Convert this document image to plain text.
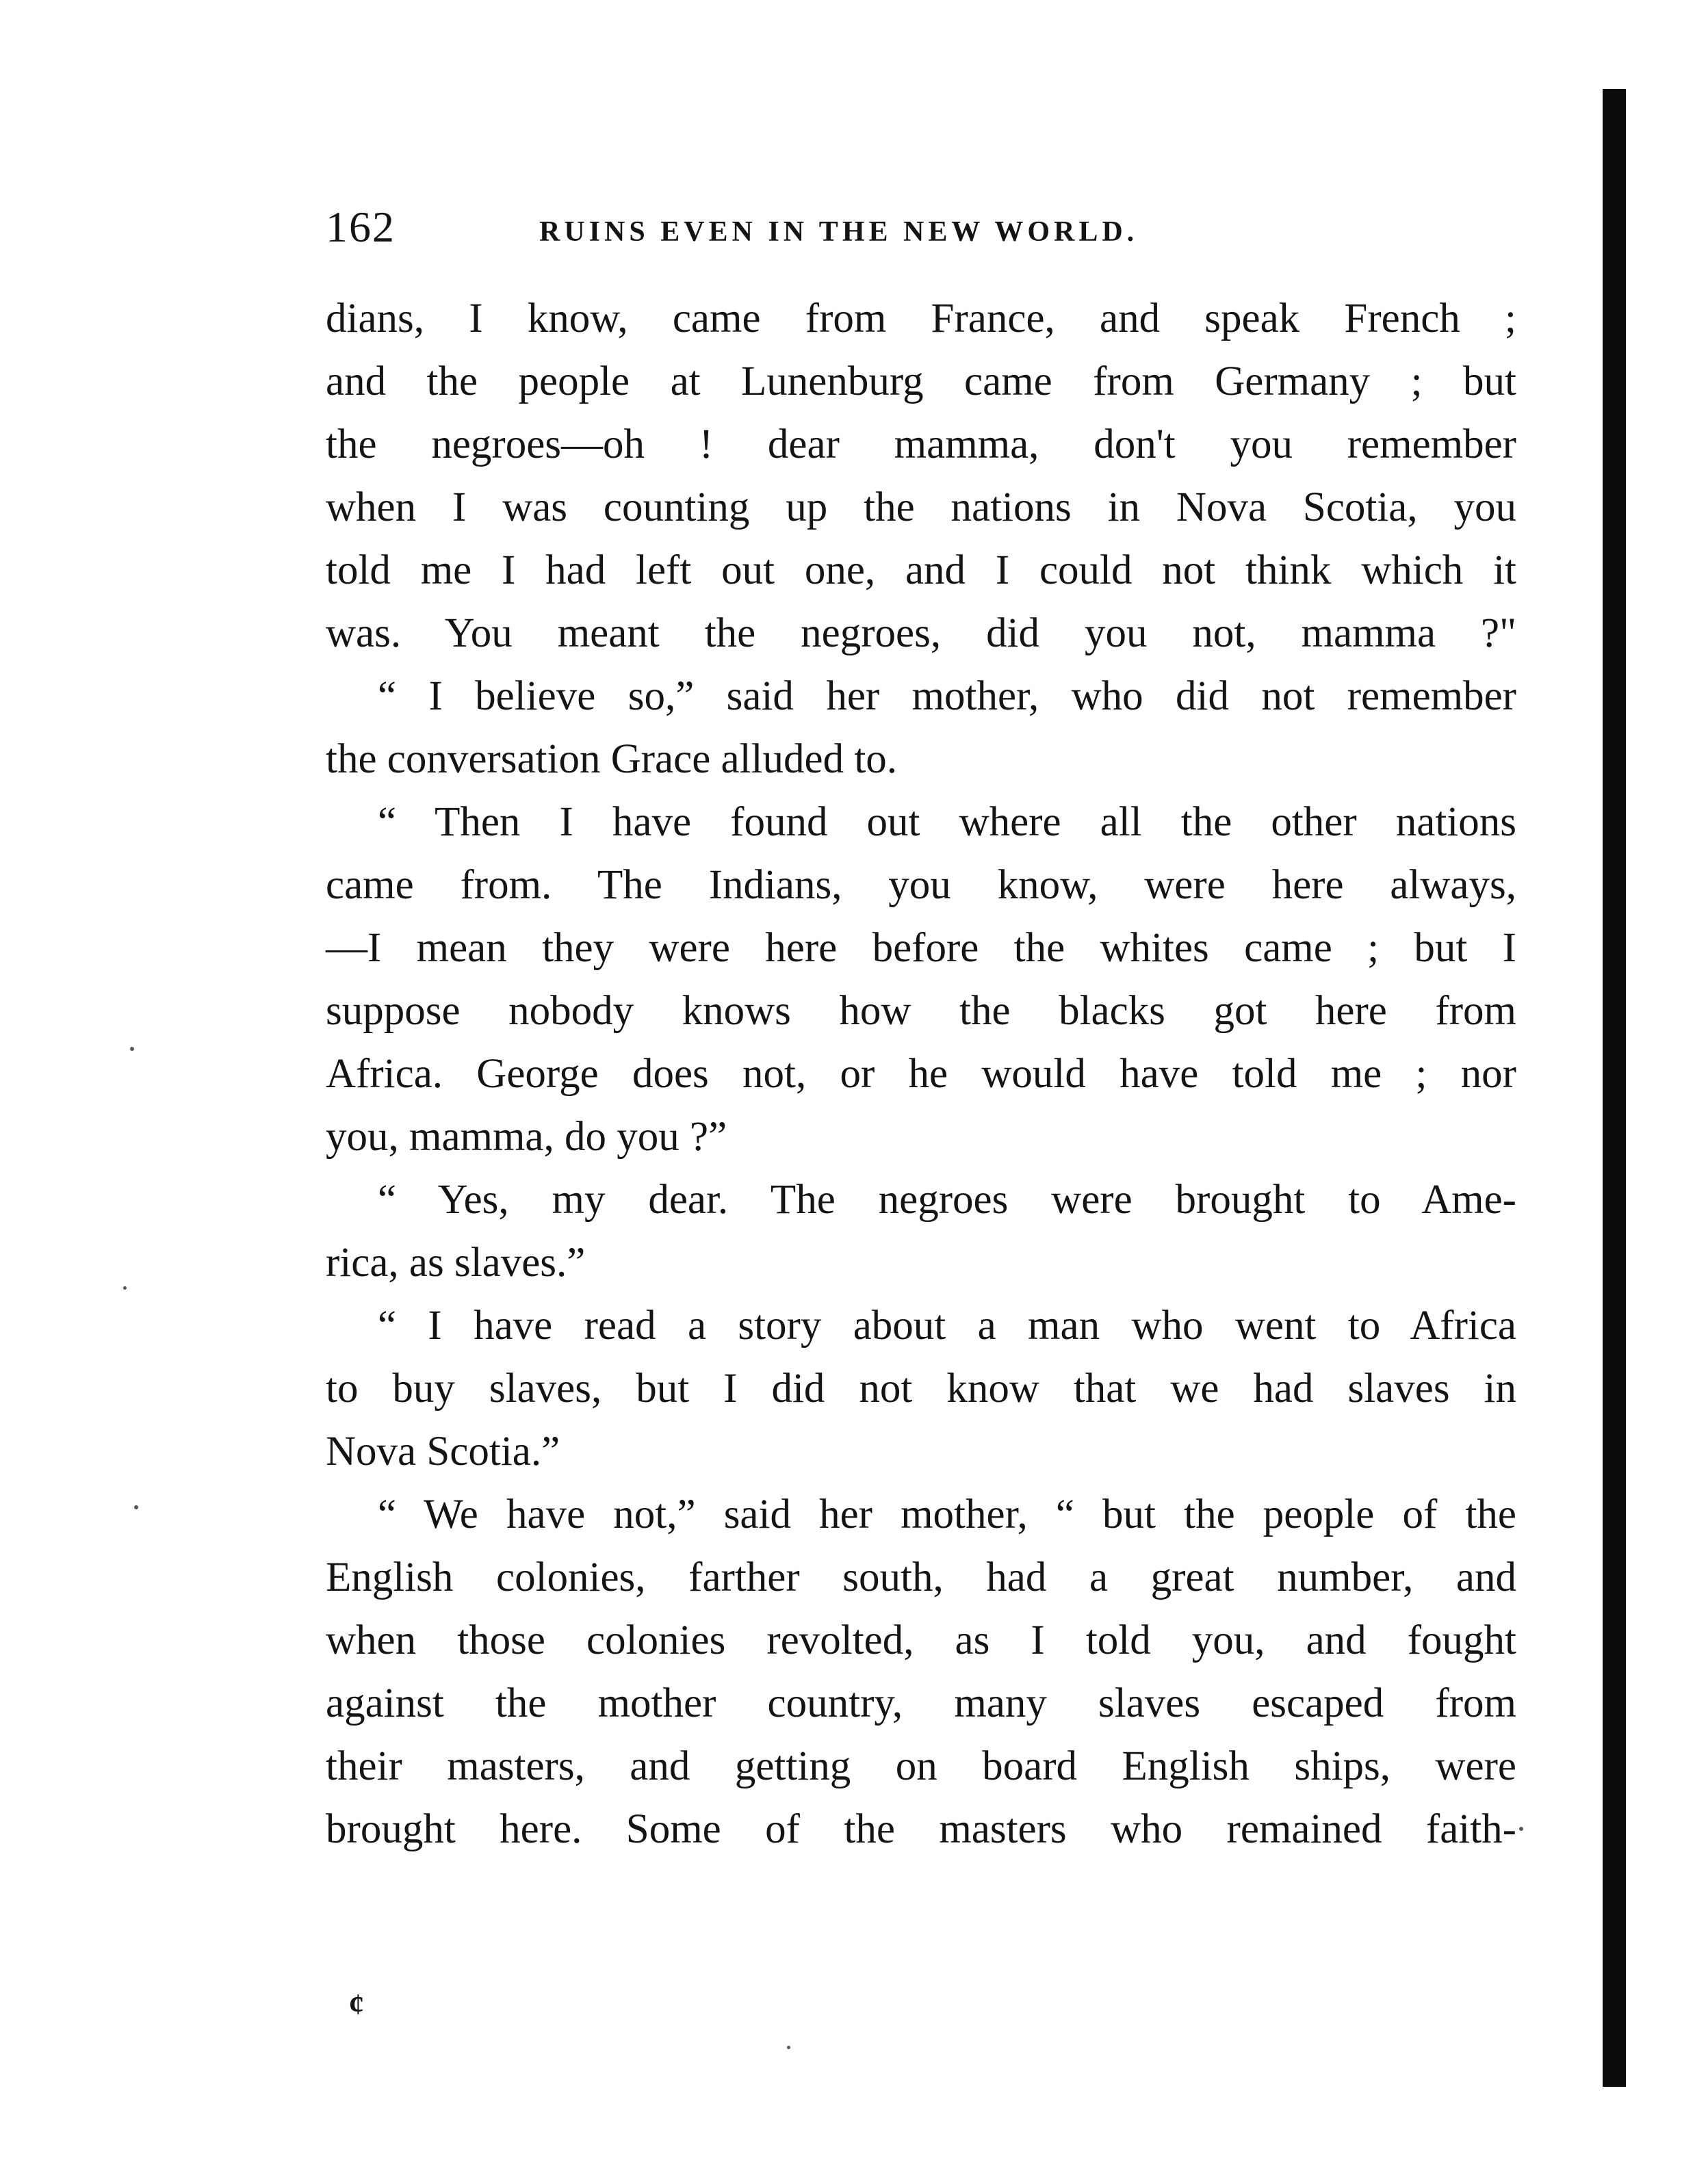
162	RUINS EVEN IN THE NEW WORLD.
dians, I know, came from France, and speak French ;
and the people at Lunenburg came from Germany ; but
the negroes—oh ! dear mamma, don't you remember
when I was counting up the nations in Nova Scotia, you
told me I had left out one, and I could not think which it
was. You meant the negroes, did you not, mamma ?"
“ I believe so,” said her mother, who did not remember
the conversation Grace alluded to.
“ Then I have found out where all the other nations
came from. The Indians, you know, were here always,
—I mean they were here before the whites came ; but I
suppose nobody knows how the blacks got here from
Africa. George does not, or he would have told me ; nor
you, mamma, do you ?”
“ Yes, my dear. The negroes were brought to Ame-
rica, as slaves.”
“ I have read a story about a man who went to Africa
to buy slaves, but I did not know that we had slaves in
Nova Scotia.”
“ We have not,” said her mother, “ but the people of the
English colonies, farther south, had a great number, and
when those colonies revolted, as I told you, and fought
against the mother country, many slaves escaped from
their masters, and getting on board English ships, were
brought here. Some of the masters who remained faith-
¢
